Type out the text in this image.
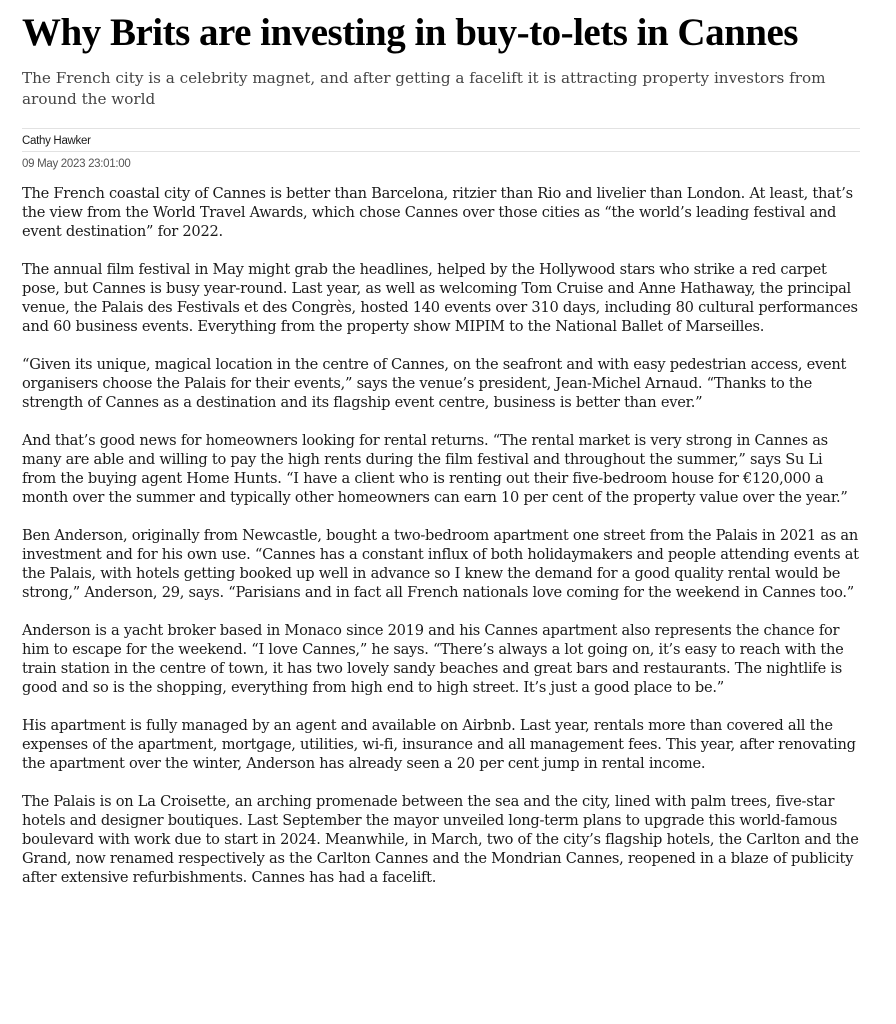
Why Brits are investing in buy-to-lets in Cannes

The French city is a celebrity magnet, and after getting a facelift it is attracting property investors from around the world

Cathy Hawker
09 May 2023 23:01:00

The French coastal city of Cannes is better than Barcelona, ritzier than Rio and livelier than London. At least, that’s the view from the World Travel Awards, which chose Cannes over those cities as “the world’s leading festival and event destination” for 2022.

The annual film festival in May might grab the headlines, helped by the Hollywood stars who strike a red carpet pose, but Cannes is busy year-round. Last year, as well as welcoming Tom Cruise and Anne Hathaway, the principal venue, the Palais des Festivals et des Congrès, hosted 140 events over 310 days, including 80 cultural performances and 60 business events. Everything from the property show MIPIM to the National Ballet of Marseilles.

“Given its unique, magical location in the centre of Cannes, on the seafront and with easy pedestrian access, event organisers choose the Palais for their events,” says the venue’s president, Jean-Michel Arnaud. “Thanks to the strength of Cannes as a destination and its flagship event centre, business is better than ever.”

And that’s good news for homeowners looking for rental returns. “The rental market is very strong in Cannes as many are able and willing to pay the high rents during the film festival and throughout the summer,” says Su Li from the buying agent Home Hunts. “I have a client who is renting out their five-bedroom house for €120,000 a month over the summer and typically other homeowners can earn 10 per cent of the property value over the year.”

Ben Anderson, originally from Newcastle, bought a two-bedroom apartment one street from the Palais in 2021 as an investment and for his own use. “Cannes has a constant influx of both holidaymakers and people attending events at the Palais, with hotels getting booked up well in advance so I knew the demand for a good quality rental would be strong,” Anderson, 29, says. “Parisians and in fact all French nationals love coming for the weekend in Cannes too.”

Anderson is a yacht broker based in Monaco since 2019 and his Cannes apartment also represents the chance for him to escape for the weekend. “I love Cannes,” he says. “There’s always a lot going on, it’s easy to reach with the train station in the centre of town, it has two lovely sandy beaches and great bars and restaurants. The nightlife is good and so is the shopping, everything from high end to high street. It’s just a good place to be.”

His apartment is fully managed by an agent and available on Airbnb. Last year, rentals more than covered all the expenses of the apartment, mortgage, utilities, wi-fi, insurance and all management fees. This year, after renovating the apartment over the winter, Anderson has already seen a 20 per cent jump in rental income.

The Palais is on La Croisette, an arching promenade between the sea and the city, lined with palm trees, five-star hotels and designer boutiques. Last September the mayor unveiled long-term plans to upgrade this world-famous boulevard with work due to start in 2024. Meanwhile, in March, two of the city’s flagship hotels, the Carlton and the Grand, now renamed respectively as the Carlton Cannes and the Mondrian Cannes, reopened in a blaze of publicity after extensive refurbishments. Cannes has had a facelift.
